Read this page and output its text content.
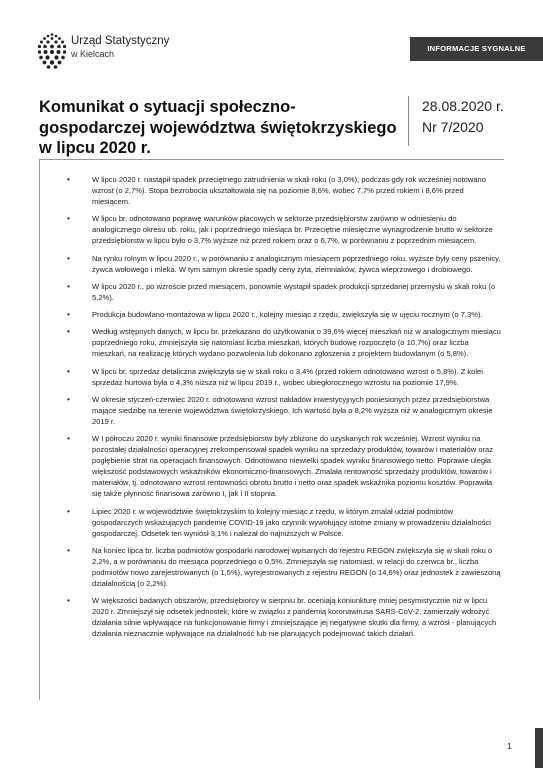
Urząd Statystyczny
w Kielcach
INFORMACJE SYGNALNE
Komunikat o sytuacji społeczno-gospodarczej województwa świętokrzyskiego w lipcu 2020 r.
28.08.2020 r.
Nr 7/2020
•	W lipcu 2020 r. nastąpił spadek przeciętnego zatrudnienia w skali roku (o 3,0%), podczas gdy rok wcześniej notowano wzrost (o 2,7%). Stopa bezrobocia ukształtowała się na poziomie 8,6%, wobec 7,7% przed rokiem i 8,6% przed miesiącem.
•	W lipcu br. odnotowano poprawę warunków płacowych w sektorze przedsiębiorstw zarówno w odniesieniu do analogicznego okresu ub. roku, jak i poprzedniego miesiąca br. Przeciętne miesięczne wynagrodzenie brutto w sektorze przedsiębiorstw w lipcu było o 3,7% wyższe niż przed rokiem oraz o 6,7%, w porównaniu z poprzednim miesiącem.
•	Na rynku rolnym w lipcu 2020 r., w porównaniu z analogicznym miesiącem poprzedniego roku, wyższe były ceny pszenicy, żywca wołowego i mleka. W tym samym okresie spadły ceny żyta, ziemniaków, żywca wieprzowego i drobiowego.
•	W lipcu 2020 r., po wzroście przed miesiącem, ponownie wystąpił spadek produkcji sprzedanej przemysłu w skali roku (o 5,2%).
•	Produkcja budowlano-montażowa w lipcu 2020 r., kolejny miesiąc z rzędu, zwiększyła się w ujęciu rocznym (o 7,3%).
•	Według wstępnych danych, w lipcu br. przekazano do użytkowania o 39,6% więcej mieszkań niż w analogicznym miesiącu poprzedniego roku, zmniejszyła się natomiast liczba mieszkań, których budowę rozpoczęto (o 10,7%) oraz liczba mieszkań, na realizację których wydano pozwolenia lub dokonano zgłoszenia z projektem budowlanym (o 5,8%).
•	W lipcu br. sprzedaż detaliczna zwiększyła się w skali roku o 3,4% (przed rokiem odnotowano wzrost o 5,8%). Z kolei sprzedaż hurtowa była o 4,3% niższa niż w lipcu 2019 r., wobec ubiegłorocznego wzrostu na poziomie 17,9%.
•	W okresie styczeń-czerwiec 2020 r. odnotowano wzrost nakładów inwestycyjnych poniesionych przez przedsiębiorstwa mające siedzibę na terenie województwa świętokrzyskiego. Ich wartość była o 8,2% wyższa niż w analogicznym okresie 2019 r.
•	W I półroczu 2020 r. wyniki finansowe przedsiębiorstw były zbliżone do uzyskanych rok wcześniej. Wzrost wyniku na pozostałej działalności operacyjnej zrekompensował spadek wyniku na sprzedaży produktów, towarów i materiałów oraz pogłębienie strat na operacjach finansowych. Odnotowano niewielki spadek wyniku finansowego netto. Poprawie uległa większość podstawowych wskaźników ekonomiczno-finansowych. Zmalała rentowność sprzedaży produktów, towarów i materiałów, tj. odnotowano wzrost rentowności obrotu brutto i netto oraz spadek wskaźnika poziomu kosztów. Poprawiła się także płynność finansowa zarówno I, jak i II stopnia.
•	Lipiec 2020 r. w województwie świętokrzyskim to kolejny miesiąc z rzędu, w którym zmalał udział podmiotów gospodarczych wskazujących pandemię COVID-19 jako czynnik wywołujący istotne zmiany w prowadzeniu działalności gospodarczej. Odsetek ten wyniósł 3,1% i należał do najniższych w Polsce.
•	Na koniec lipca br. liczba podmiotów gospodarki narodowej wpisanych do rejestru REGON zwiększyła się w skali roku o 2,2%, a w porównaniu do miesiąca poprzedniego o 0,5%. Zmniejszyła się natomiast, w relacji do czerwca br., liczba podmiotów nowo zarejestrowanych (o 1,5%), wyrejestrowanych z rejestru REGON (o 14,6%) oraz jednostek z zawieszoną działalnością (o 2,2%).
•	W większości badanych obszarów, przedsiębiorcy w sierpniu br. oceniają koniunkturę mniej pesymistycznie niż w lipcu 2020 r. Zmniejszył się odsetek jednostek, które w związku z pandemią koronawirusa SARS-CoV-2, zamierzały wdrożyć działania silnie wpływające na funkcjonowanie firmy i zmniejszające jej negatywne skutki dla firmy, a wzrósł - planujących działania nieznacznie wpływające na działalność lub nie planujących podejmować takich działań.
1
